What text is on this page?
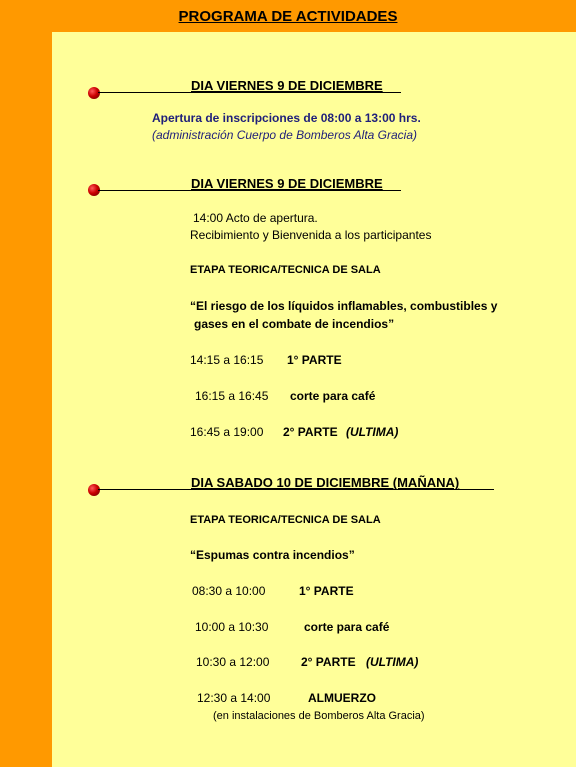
PROGRAMA DE ACTIVIDADES
DIA VIERNES 9 DE DICIEMBRE
Apertura de inscripciones de 08:00 a 13:00 hrs.
(administración Cuerpo de Bomberos Alta Gracia)
DIA VIERNES 9 DE DICIEMBRE
14:00 Acto de apertura.
Recibimiento y Bienvenida a los participantes
ETAPA TEORICA/TECNICA DE SALA
“El riesgo de los líquidos inflamables, combustibles y
gases en el combate de incendios”
14:15 a 16:15 1° PARTE
16:15 a 16:45 corte para café
16:45 a 19:00 2° PARTE (ULTIMA)
DIA SABADO 10 DE DICIEMBRE (MAÑANA)
ETAPA TEORICA/TECNICA DE SALA
“Espumas contra incendios”
08:30 a 10:00	1° PARTE
10:00 a 10:30	corte para café
10:30 a 12:00	2° PARTE (ULTIMA)
12:30 a 14:00	ALMUERZO
(en instalaciones de Bomberos Alta Gracia)
